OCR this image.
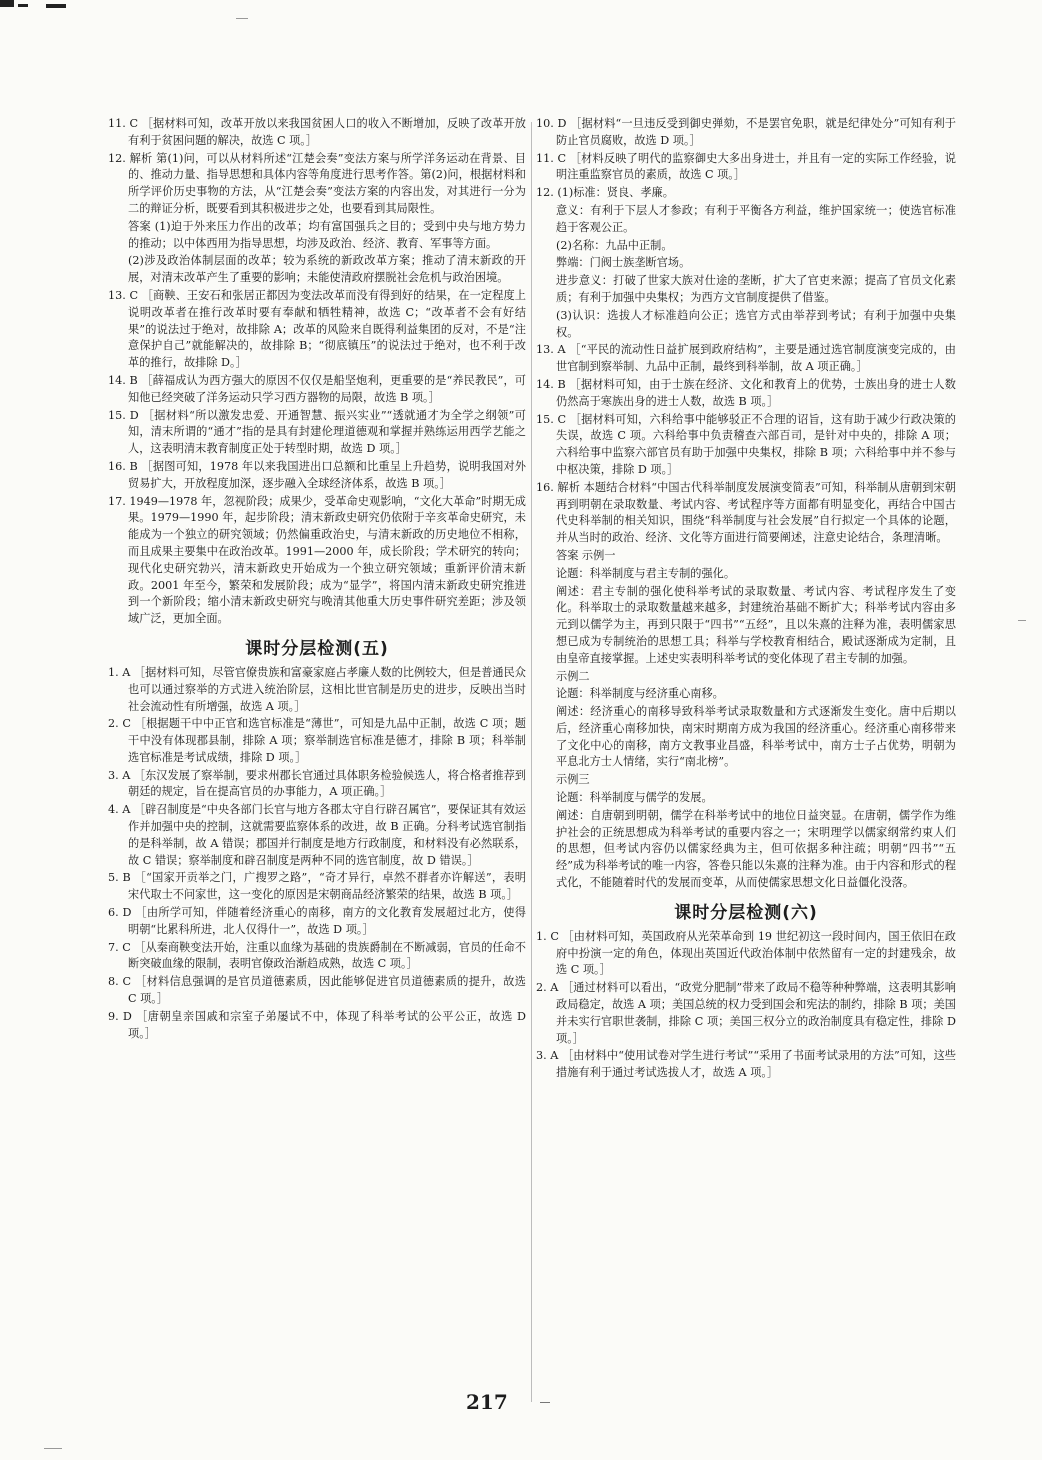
11. C ［据材料可知，改革开放以来我国贫困人口的收入不断增加，反映了改革开放有利于贫困问题的解决，故选 C 项。］
12. 解析 第(1)问，可以从材料所述“江楚会奏”变法方案与所学洋务运动在背景、目的、推动力量、指导思想和具体内容等角度进行思考作答。第(2)问，根据材料和所学评价历史事物的方法，从“江楚会奏”变法方案的内容出发，对其进行一分为二的辩证分析，既要看到其积极进步之处，也要看到其局限性。
答案 (1)迫于外来压力作出的改革；均有富国强兵之目的；受到中央与地方势力的推动；以中体西用为指导思想，均涉及政治、经济、教育、军事等方面。
(2)涉及政治体制层面的改革；较为系统的新政改革方案；推动了清末新政的开展，对清末改革产生了重要的影响；未能使清政府摆脱社会危机与政治困境。
13. C ［商鞅、王安石和张居正都因为变法改革而没有得到好的结果，在一定程度上说明改革者在推行改革时要有奉献和牺牲精神，故选 C；“改革者不会有好结果”的说法过于绝对，故排除 A；改革的风险来自既得利益集团的反对，不是“注意保护自己”就能解决的，故排除 B；“彻底镇压”的说法过于绝对，也不利于改革的推行，故排除 D。］
14. B ［薛福成认为西方强大的原因不仅仅是船坚炮利，更重要的是“养民教民”，可知他已经突破了洋务运动只学习西方器物的局限，故选 B 项。］
15. D ［据材料“所以激发忠爱、开通智慧、振兴实业”“透就通才为全学之纲领”可知，清末所谓的“通才”指的是具有封建伦理道德观和掌握并熟练运用西学艺能之人，这表明清末教育制度正处于转型时期，故选 D 项。］
16. B ［据图可知，1978 年以来我国进出口总额和比重呈上升趋势，说明我国对外贸易扩大，开放程度加深，逐步融入全球经济体系，故选 B 项。］
17. 1949—1978 年，忽视阶段；成果少，受革命史观影响，“文化大革命”时期无成果。1979—1990 年，起步阶段；清末新政史研究仍依附于辛亥革命史研究，未能成为一个独立的研究领域；仍然偏重政治史，与清末新政的历史地位不相称，而且成果主要集中在政治改革。1991—2000 年，成长阶段；学术研究的转向；现代化史研究勃兴，清末新政史开始成为一个独立研究领域；重新评价清末新政。2001 年至今，繁荣和发展阶段；成为“显学”，将国内清末新政史研究推进到一个新阶段；缩小清末新政史研究与晚清其他重大历史事件研究差距；涉及领域广泛，更加全面。
课时分层检测(五)
1. A ［据材料可知，尽管官僚贵族和富豪家庭占孝廉人数的比例较大，但是普通民众也可以通过察举的方式进入统治阶层，这相比世官制是历史的进步，反映出当时社会流动性有所增强，故选 A 项。］
2. C ［根据题干中中正官和选官标准是“薄世”，可知是九品中正制，故选 C 项；题干中没有体现郡县制，排除 A 项；察举制选官标准是德才，排除 B 项；科举制选官标准是考试成绩，排除 D 项。］
3. A ［东汉发展了察举制，要求州郡长官通过具体职务检验候选人，将合格者推荐到朝廷的规定，旨在提高官员的办事能力，A 项正确。］
4. A ［辟召制度是“中央各部门长官与地方各郡太守自行辟召属官”，要保证其有效运作并加强中央的控制，这就需要监察体系的改进，故 B 正确。分科考试选官制指的是科举制，故 A 错误；郡国并行制度是地方行政制度，和材料没有必然联系，故 C 错误；察举制度和辟召制度是两种不同的选官制度，故 D 错误。］
5. B ［“国家开贡举之门，广搜罗之路”，“奇才异行，卓然不群者亦许解送”，表明宋代取士不问家世，这一变化的原因是宋朝商品经济繁荣的结果，故选 B 项。］
6. D ［由所学可知，伴随着经济重心的南移，南方的文化教育发展超过北方，使得明朝“比累科所进，北人仅得什一”，故选 D 项。］
7. C ［从秦商鞅变法开始，注重以血缘为基础的贵族爵制在不断减弱，官员的任命不断突破血缘的限制，表明官僚政治渐趋成熟，故选 C 项。］
8. C ［材料信息强调的是官员道德素质，因此能够促进官员道德素质的提升，故选 C 项。］
9. D ［唐朝皇亲国戚和宗室子弟屡试不中，体现了科举考试的公平公正，故选 D 项。］
10. D ［据材料“一旦违反受到御史弹劾，不是罢官免职，就是纪律处分”可知有利于防止官员腐败，故选 D 项。］
11. C ［材料反映了明代的监察御史大多出身进士，并且有一定的实际工作经验，说明注重监察官员的素质，故选 C 项。］
12. (1)标准：贤良、孝廉。
意义：有利于下层人才参政；有利于平衡各方利益，维护国家统一；使选官标准趋于客观公正。
(2)名称：九品中正制。
弊端：门阀士族垄断官场。
进步意义：打破了世家大族对仕途的垄断，扩大了官吏来源；提高了官员文化素质；有利于加强中央集权；为西方文官制度提供了借鉴。
(3)认识：选拔人才标准趋向公正；选官方式由举荐到考试；有利于加强中央集权。
13. A ［“平民的流动性日益扩展到政府结构”，主要是通过选官制度演变完成的，由世官制到察举制、九品中正制，最终到科举制，故 A 项正确。］
14. B ［据材料可知，由于士族在经济、文化和教育上的优势，士族出身的进士人数仍然高于寒族出身的进士人数，故选 B 项。］
15. C ［据材料可知，六科给事中能够驳正不合理的诏旨，这有助于减少行政决策的失误，故选 C 项。六科给事中负责稽查六部百司，是针对中央的，排除 A 项；六科给事中监察六部官员有助于加强中央集权，排除 B 项；六科给事中并不参与中枢决策，排除 D 项。］
16. 解析 本题结合材料“中国古代科举制度发展演变简表”可知，科举制从唐朝到宋朝再到明朝在录取数量、考试内容、考试程序等方面都有明显变化，再结合中国古代史科举制的相关知识，围绕“科举制度与社会发展”自行拟定一个具体的论题，并从当时的政治、经济、文化等方面进行简要阐述，注意史论结合，条理清晰。
答案 示例一
论题：科举制度与君主专制的强化。
阐述：君主专制的强化使科举考试的录取数量、考试内容、考试程序发生了变化。科举取士的录取数量越来越多，封建统治基础不断扩大；科举考试内容由多元到以儒学为主，再到只限于“四书”“五经”，且以朱熹的注释为准，表明儒家思想已成为专制统治的思想工具；科举与学校教育相结合，殿试逐渐成为定制，且由皇帝直接掌握。上述史实表明科举考试的变化体现了君主专制的加强。
示例二
论题：科举制度与经济重心南移。
阐述：经济重心的南移导致科举考试录取数量和方式逐渐发生变化。唐中后期以后，经济重心南移加快，南宋时期南方成为我国的经济重心。经济重心南移带来了文化中心的南移，南方文教事业昌盛，科举考试中，南方士子占优势，明朝为平息北方士人情绪，实行“南北榜”。
示例三
论题：科举制度与儒学的发展。
阐述：自唐朝到明朝，儒学在科举考试中的地位日益突显。在唐朝，儒学作为维护社会的正统思想成为科举考试的重要内容之一；宋明理学以儒家纲常约束人们的思想，但考试内容仍以儒家经典为主，但可依据多种注疏；明朝“四书”“五经”成为科举考试的唯一内容，答卷只能以朱熹的注释为准。由于内容和形式的程式化，不能随着时代的发展而变革，从而使儒家思想文化日益僵化没落。
课时分层检测(六)
1. C ［由材料可知，英国政府从光荣革命到 19 世纪初这一段时间内，国王依旧在政府中扮演一定的角色，体现出英国近代政治体制中依然留有一定的封建残余，故选 C 项。］
2. A ［通过材料可以看出，“政党分肥制”带来了政局不稳等种种弊端，这表明其影响政局稳定，故选 A 项；美国总统的权力受到国会和宪法的制约，排除 B 项；美国并未实行官职世袭制，排除 C 项；美国三权分立的政治制度具有稳定性，排除 D 项。］
3. A ［由材料中“使用试卷对学生进行考试”“采用了书面考试录用的方法”可知，这些措施有利于通过考试选拔人才，故选 A 项。］
217
